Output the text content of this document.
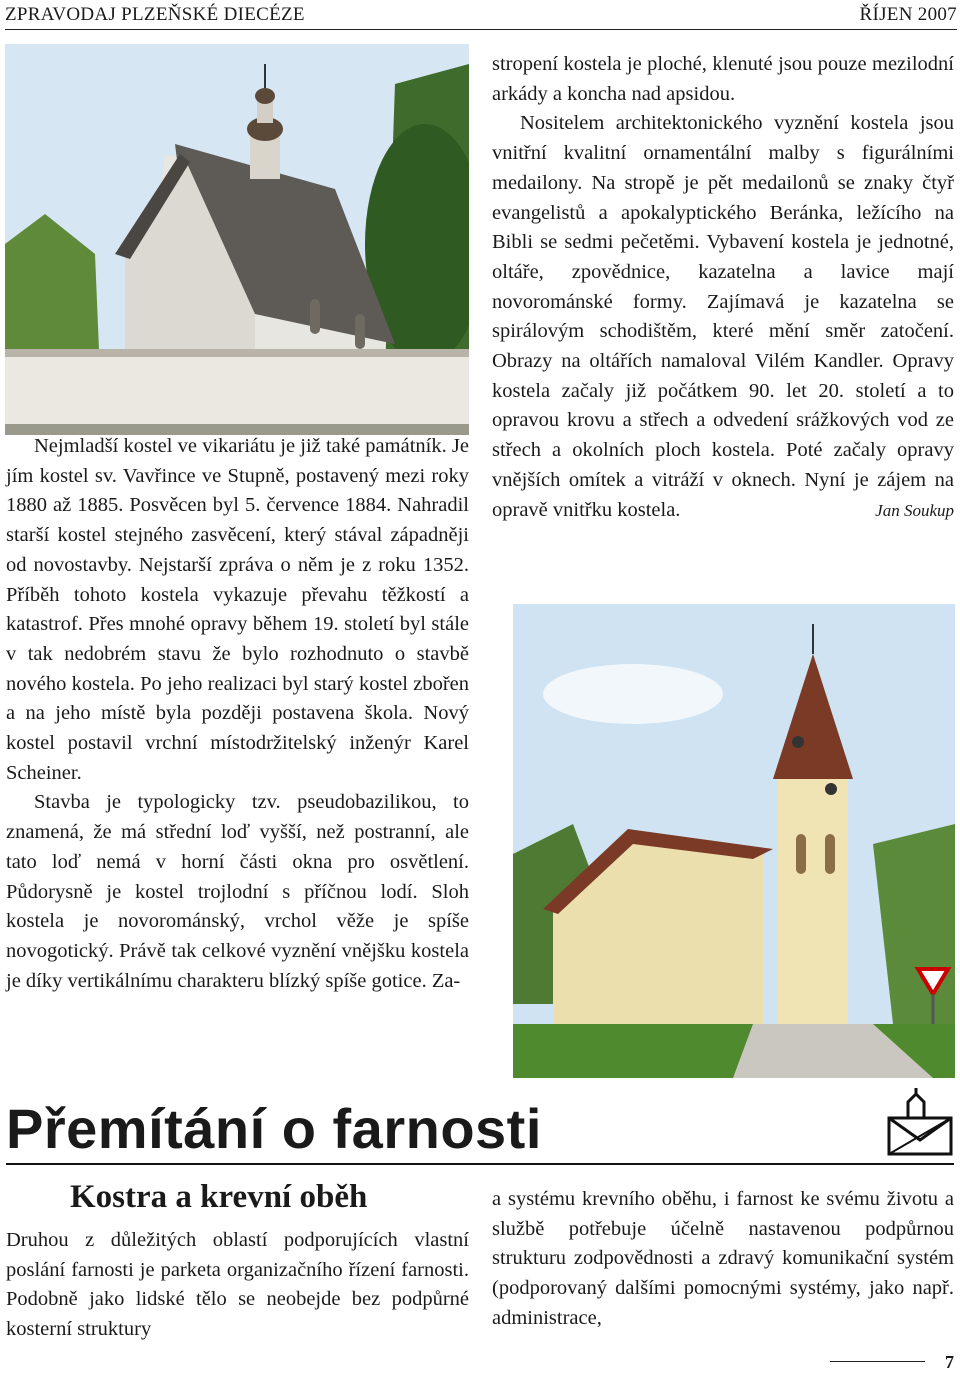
ZPRAVODAJ PLZEŇSKÉ DIECÉZE	ŘÍJEN 2007

Nejmladší kostel ve vikariátu je již také památník. Je jím kostel sv. Vavřince ve Stupně, postavený mezi roky 1880 až 1885. Posvěcen byl 5. července 1884. Nahradil starší kostel stejného zasvěcení, který stával západněji od novostavby. Nejstarší zpráva o něm je z roku 1352. Příběh tohoto kostela vykazuje převahu těžkostí a katastrof. Přes mnohé opravy během 19. století byl stále v tak nedobrém stavu že bylo rozhodnuto o stavbě nového kostela. Po jeho realizaci byl starý kostel zbořen a na jeho místě byla později postavena škola. Nový kostel postavil vrchní místodržitelský inženýr Karel Scheiner.

Stavba je typologicky tzv. pseudobazilikou, to znamená, že má střední loď vyšší, než postranní, ale tato loď nemá v horní části okna pro osvětlení. Půdorysně je kostel trojlodní s příčnou lodí. Sloh kostela je novorománský, vrchol věže je spíše novogotický. Právě tak celkové vyznění vnějšku kostela je díky vertikálnímu charakteru blízký spíše gotice. Za-

stropení kostela je ploché, klenuté jsou pouze mezilodní arkády a koncha nad apsidou.

Nositelem architektonického vyznění kostela jsou vnitřní kvalitní ornamentální malby s figurálními medailony. Na stropě je pět medailonů se znaky čtyř evangelistů a apokalyptického Beránka, ležícího na Bibli se sedmi pečetěmi. Vybavení kostela je jednotné, oltáře, zpovědnice, kazatelna a lavice mají novorománské formy. Zajímavá je kazatelna se spirálovým schodištěm, které mění směr zatočení. Obrazy na oltářích namaloval Vilém Kandler. Opravy kostela začaly již počátkem 90. let 20. století a to opravou krovu a střech a odvedení srážkových vod ze střech a okolních ploch kostela. Poté začaly opravy vnějších omítek a vitráží v oknech. Nyní je zájem na opravě vnitřku kostela.	Jan Soukup

Přemítání o farnosti
Kostra a krevní oběh

Druhou z důležitých oblastí podporujících vlastní poslání farnosti je parketa organizačního řízení farnosti. Podobně jako lidské tělo se neobejde bez podpůrné kosterní struktury

a systému krevního oběhu, i farnost ke svému životu a službě potřebuje účelně nastavenou podpůrnou strukturu zodpovědnosti a zdravý komunikační systém (podporovaný dalšími pomocnými systémy, jako např. administrace,

7
